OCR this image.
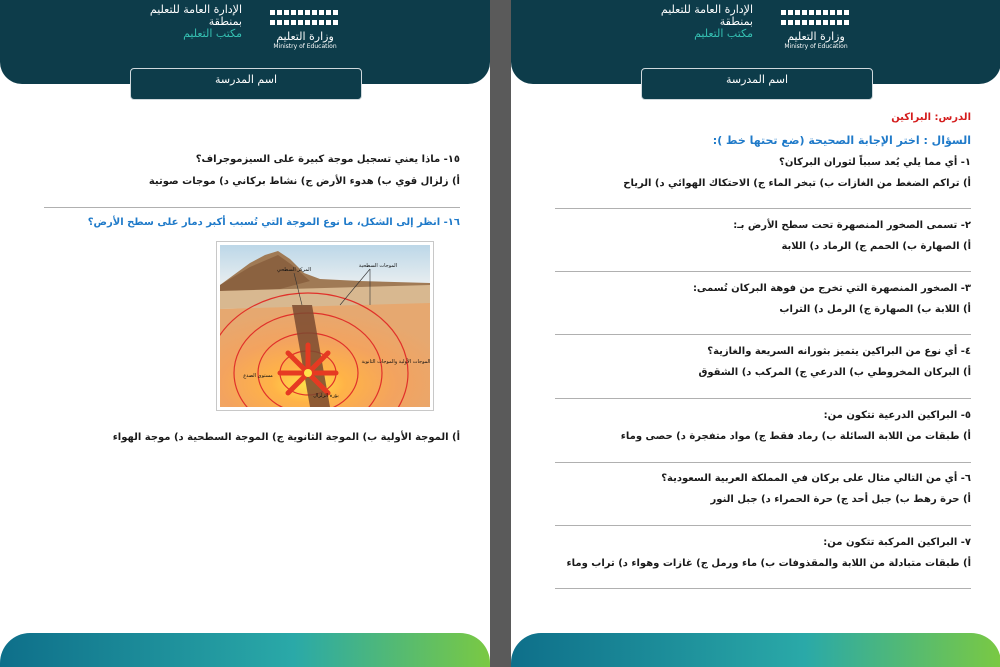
الإدارة العامة للتعليم
بمنطقة
مكتب التعليم	وزارة التعليم
Ministry of Education
اسم المدرسة
١٥- ماذا يعني تسجيل موجة كبيرة على السيزموجراف؟
أ) زلزال قوي ب) هدوء الأرض ج) نشاط بركاني د) موجات صوتية
١٦- انظر إلى الشكل، ما نوع الموجة التي تُسبب أكبر دمار على سطح الأرض؟
الموجات السطحية
المركز السطحي
الموجات الأولية والموجات الثانوية
بؤرة الزلزال
مستوى الصدع
أ) الموجة الأولية ب) الموجة الثانوية ج) الموجة السطحية د) موجة الهواء
الإدارة العامة للتعليم
بمنطقة
مكتب التعليم	وزارة التعليم
Ministry of Education
اسم المدرسة
الدرس: البراكين
السؤال : اختر الإجابة الصحيحة (ضع تحتها خط ):
١- أي مما يلي يُعد سبباً لثوران البركان؟
أ) تراكم الضغط من الغازات ب) تبخر الماء ج) الاحتكاك الهوائي د) الرياح
٢- تسمى الصخور المنصهرة تحت سطح الأرض بـ:
أ) الصهارة ب) الحمم ج) الرماد د) اللابة
٣- الصخور المنصهرة التي تخرج من فوهة البركان تُسمى:
أ) اللابة ب) الصهارة ج) الرمل د) التراب
٤- أي نوع من البراكين يتميز بثورانه السريعة والغازية؟
أ) البركان المخروطي ب) الدرعي ج) المركب د) الشقوق
٥- البراكين الدرعية تتكون من:
أ) طبقات من اللابة السائلة ب) رماد فقط ج) مواد متفجرة د) حصى وماء
٦- أي من التالي مثال على بركان في المملكة العربية السعودية؟
أ) حرة رهط ب) جبل أحد ج) حرة الحمراء د) جبل النور
٧- البراكين المركبة تتكون من:
أ) طبقات متبادلة من اللابة والمقذوفات ب) ماء ورمل ج) غازات وهواء د) تراب وماء
